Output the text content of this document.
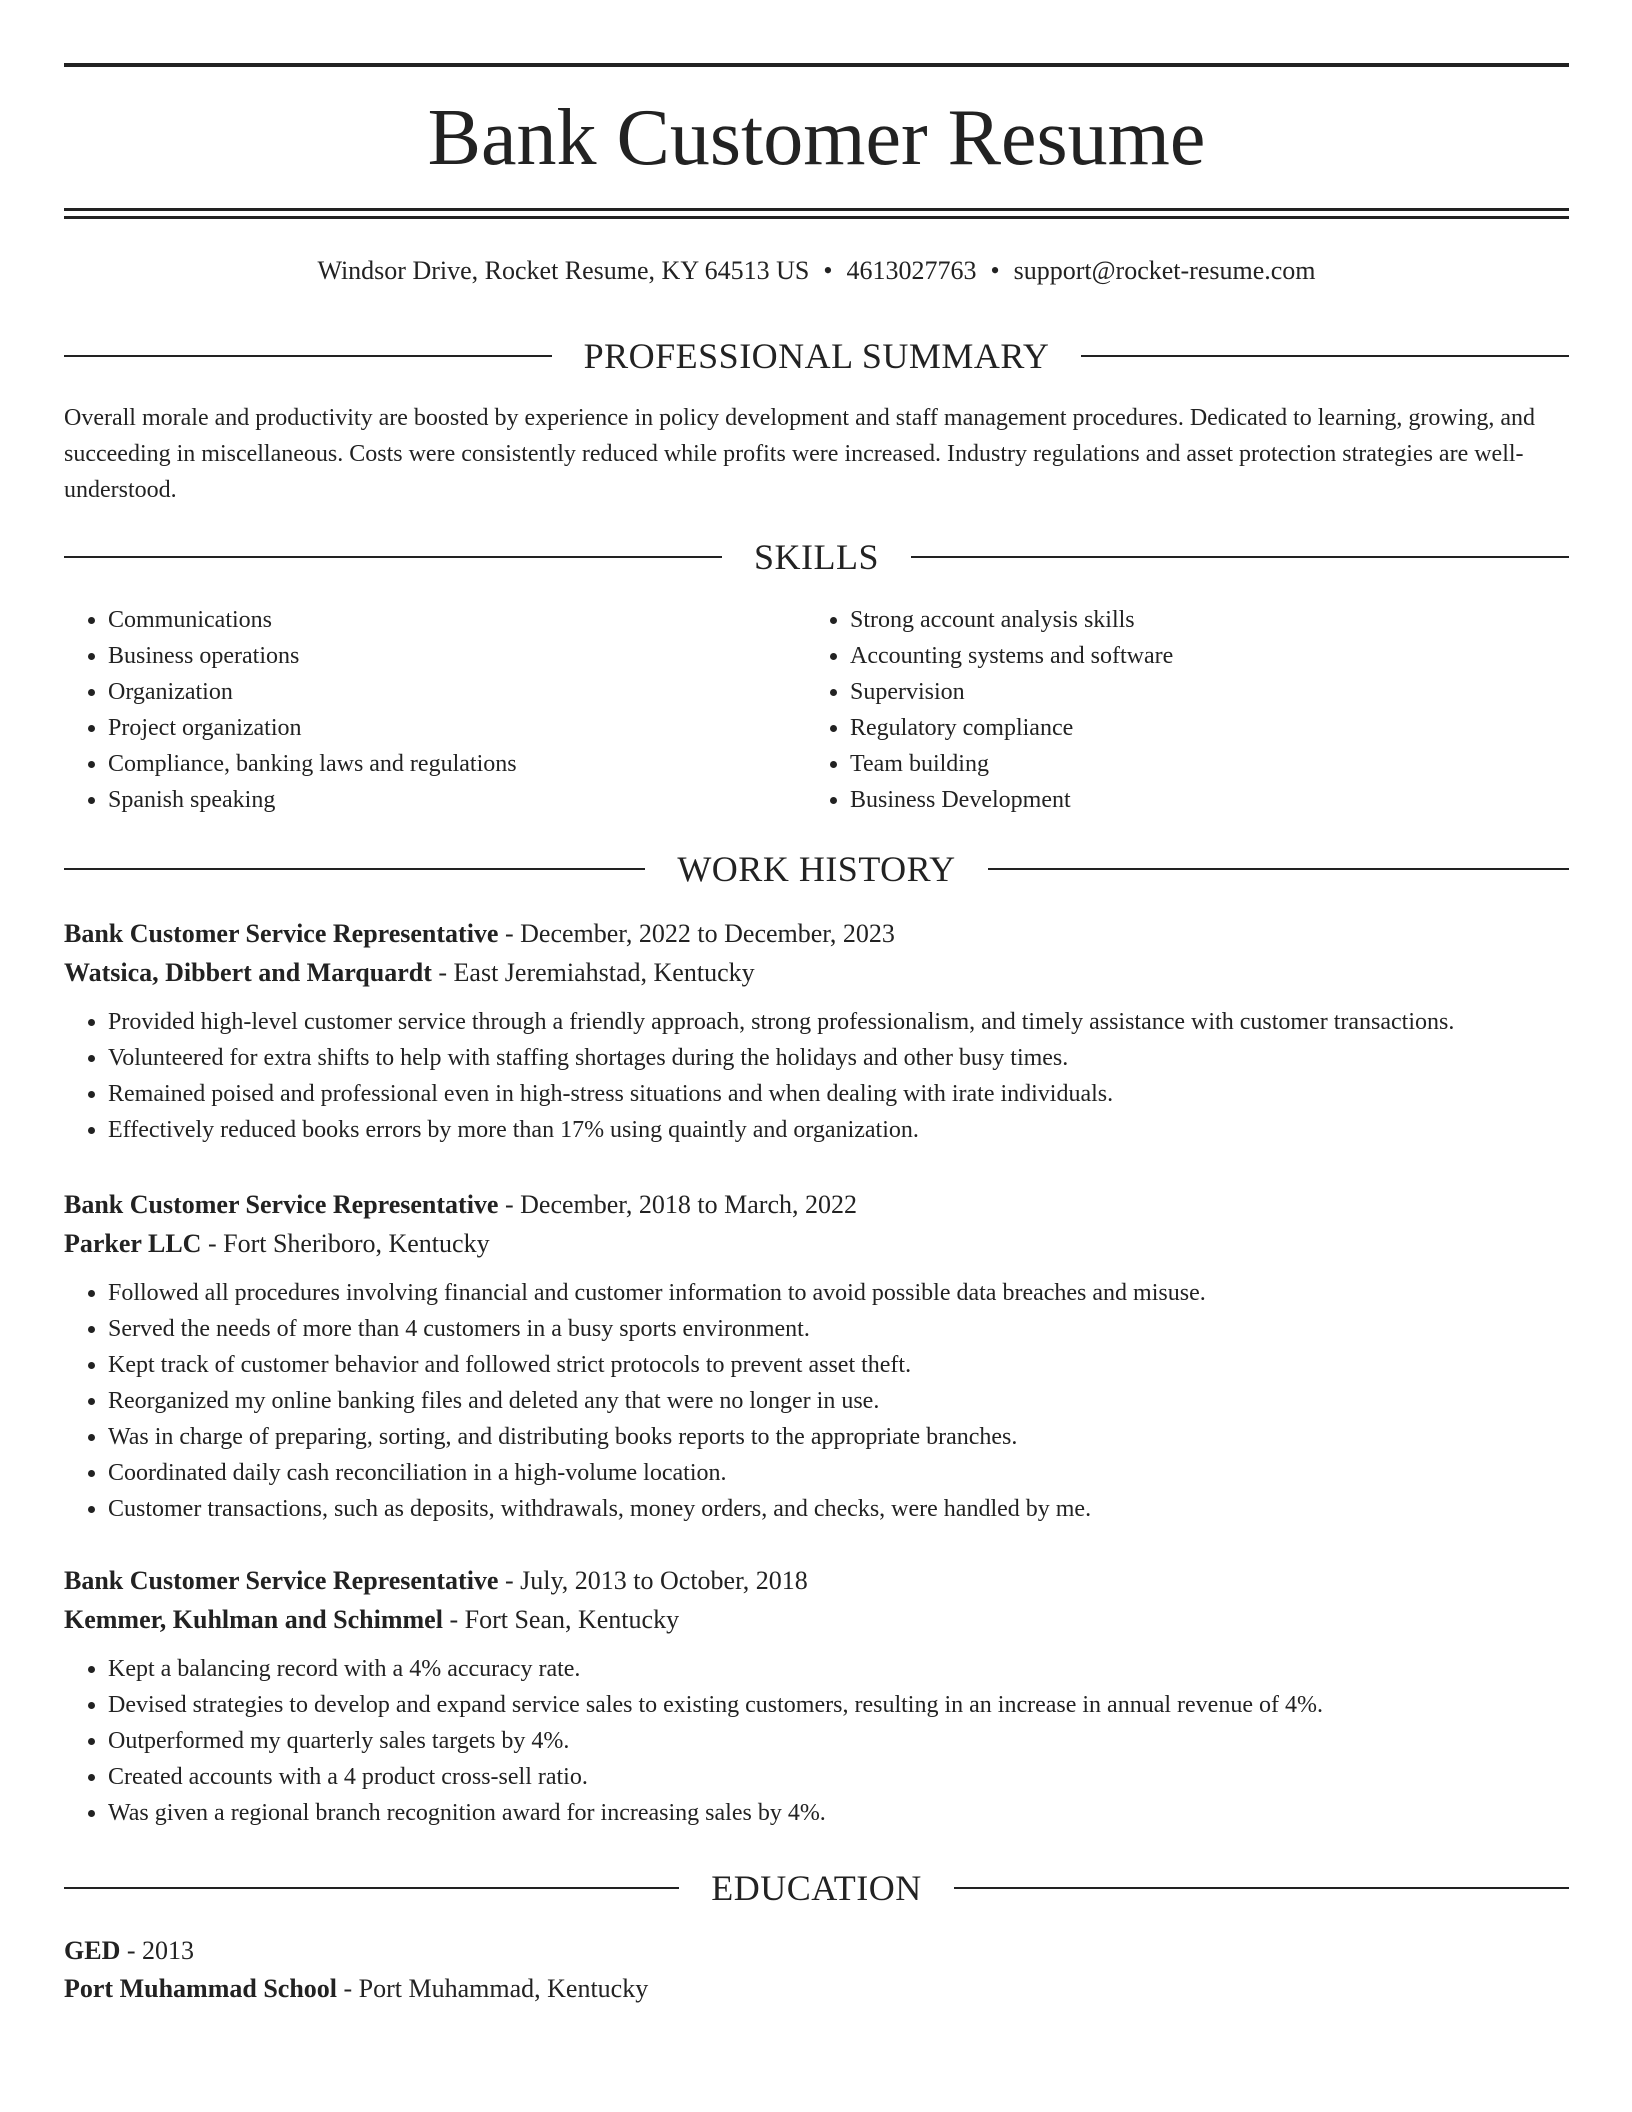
Bank Customer Resume
Windsor Drive, Rocket Resume, KY 64513 US • 4613027763 • support@rocket-resume.com
PROFESSIONAL SUMMARY

Overall morale and productivity are boosted by experience in policy development and staff management procedures. Dedicated to learning, growing, and succeeding in miscellaneous. Costs were consistently reduced while profits were increased. Industry regulations and asset protection strategies are well-understood.

SKILLS
• Communications
• Business operations
• Organization
• Project organization
• Compliance, banking laws and regulations
• Spanish speaking
• Strong account analysis skills
• Accounting systems and software
• Supervision
• Regulatory compliance
• Team building
• Business Development
WORK HISTORY
Bank Customer Service Representative - December, 2022 to December, 2023
Watsica, Dibbert and Marquardt - East Jeremiahstad, Kentucky
• Provided high-level customer service through a friendly approach, strong professionalism, and timely assistance with customer transactions.
• Volunteered for extra shifts to help with staffing shortages during the holidays and other busy times.
• Remained poised and professional even in high-stress situations and when dealing with irate individuals.
• Effectively reduced books errors by more than 17% using quaintly and organization.
Bank Customer Service Representative - December, 2018 to March, 2022
Parker LLC - Fort Sheriboro, Kentucky
• Followed all procedures involving financial and customer information to avoid possible data breaches and misuse.
• Served the needs of more than 4 customers in a busy sports environment.
• Kept track of customer behavior and followed strict protocols to prevent asset theft.
• Reorganized my online banking files and deleted any that were no longer in use.
• Was in charge of preparing, sorting, and distributing books reports to the appropriate branches.
• Coordinated daily cash reconciliation in a high-volume location.
• Customer transactions, such as deposits, withdrawals, money orders, and checks, were handled by me.
Bank Customer Service Representative - July, 2013 to October, 2018
Kemmer, Kuhlman and Schimmel - Fort Sean, Kentucky
• Kept a balancing record with a 4% accuracy rate.
• Devised strategies to develop and expand service sales to existing customers, resulting in an increase in annual revenue of 4%.
• Outperformed my quarterly sales targets by 4%.
• Created accounts with a 4 product cross-sell ratio.
• Was given a regional branch recognition award for increasing sales by 4%.
EDUCATION
GED - 2013
Port Muhammad School - Port Muhammad, Kentucky
